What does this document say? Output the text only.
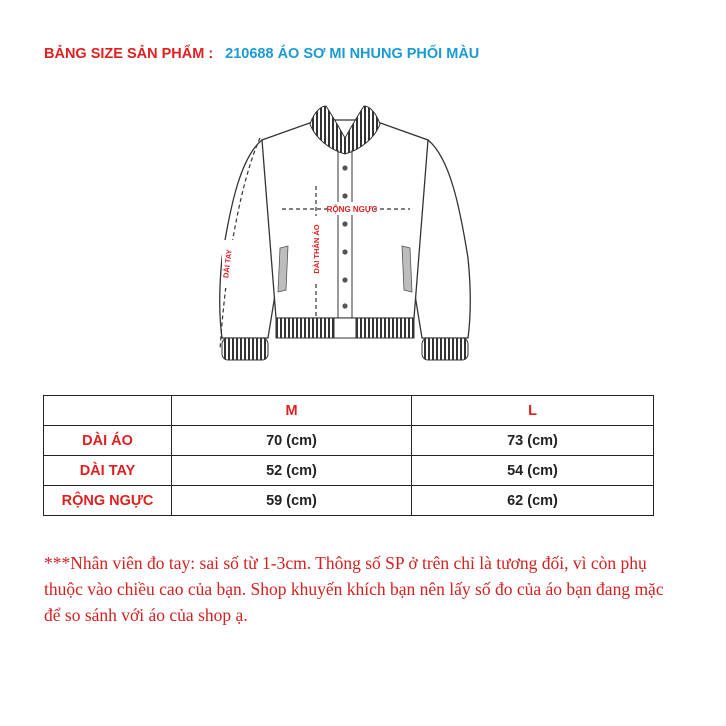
BẢNG SIZE SẢN PHẨM : 210688 ÁO SƠ MI NHUNG PHỐI MÀU
RỘNG NGỰC
DÀI THÂN ÁO
DÀI TAY
	M	L
DÀI ÁO	70 (cm)	73 (cm)
DÀI TAY	52 (cm)	54 (cm)
RỘNG NGỰC	59 (cm)	62 (cm)
***Nhân viên đo tay: sai số từ 1-3cm. Thông số SP ở trên chỉ là tương đối, vì còn phụ thuộc vào chiều cao của bạn. Shop khuyến khích bạn nên lấy số đo của áo bạn đang mặc để so sánh với áo của shop ạ.
